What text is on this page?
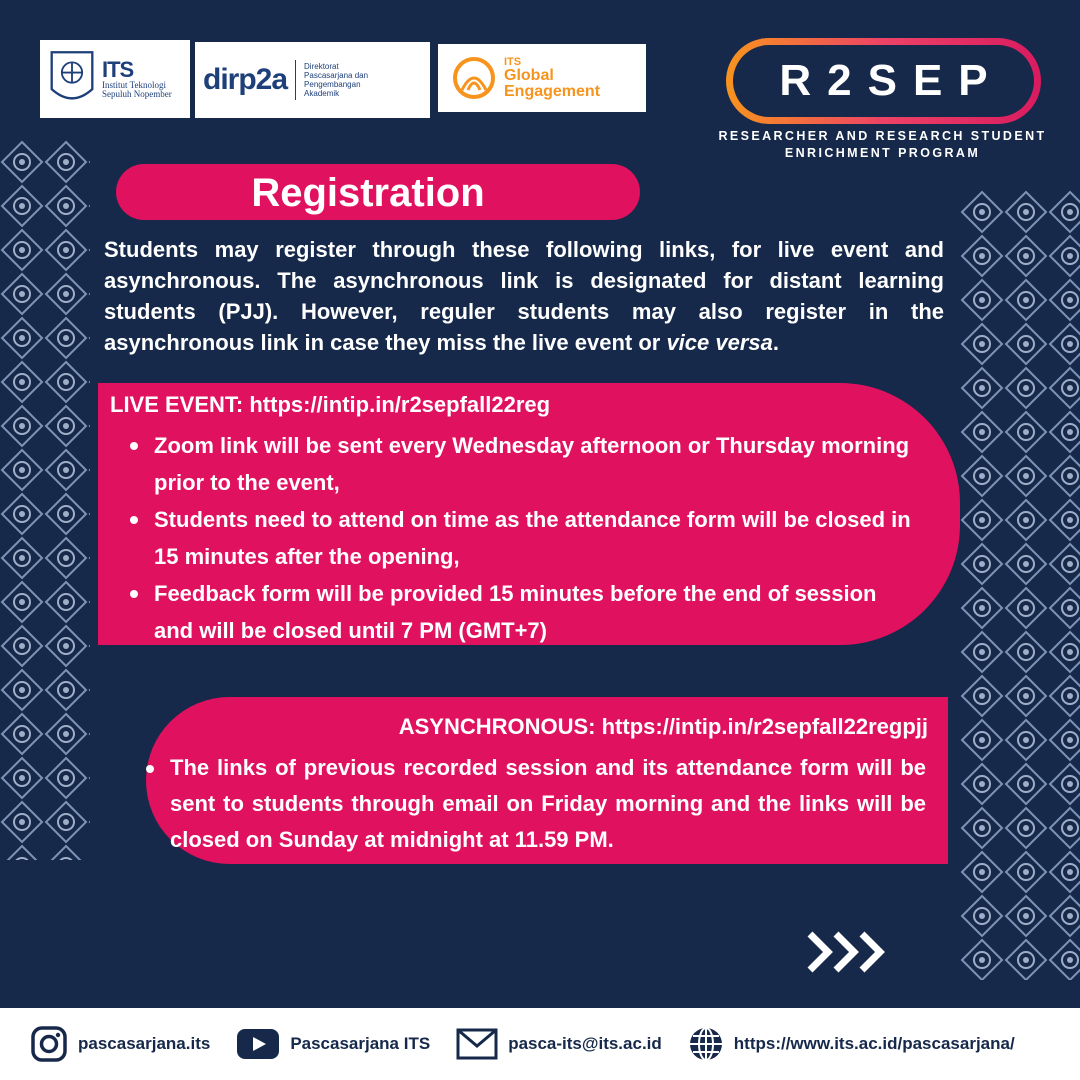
ITS
Institut Teknologi Sepuluh Nopember	dirp2a Direktorat Pascasarjana dan Pengembangan Akademik
ITS
Global
Engagement	R2SEP
RESEARCHER AND RESEARCH STUDENT
ENRICHMENT PROGRAM
Registration

Students may register through these following links, for live event and asynchronous. The asynchronous link is designated for distant learning students (PJJ). However, reguler students may also register in the asynchronous link in case they miss the live event or vice versa.

LIVE EVENT: https://intip.in/r2sepfall22reg
Zoom link will be sent every Wednesday afternoon or Thursday morning prior to the event,
Students need to attend on time as the attendance form will be closed in 15 minutes after the opening,
Feedback form will be provided 15 minutes before the end of session and will be closed until 7 PM (GMT+7)
ASYNCHRONOUS: https://intip.in/r2sepfall22regpjj
The links of previous recorded session and its attendance form will be sent to students through email on Friday morning and the links will be closed on Sunday at midnight at 11.59 PM.
pascasarjana.its	Pascasarjana ITS	pasca-its@its.ac.id	https://www.its.ac.id/pascasarjana/
